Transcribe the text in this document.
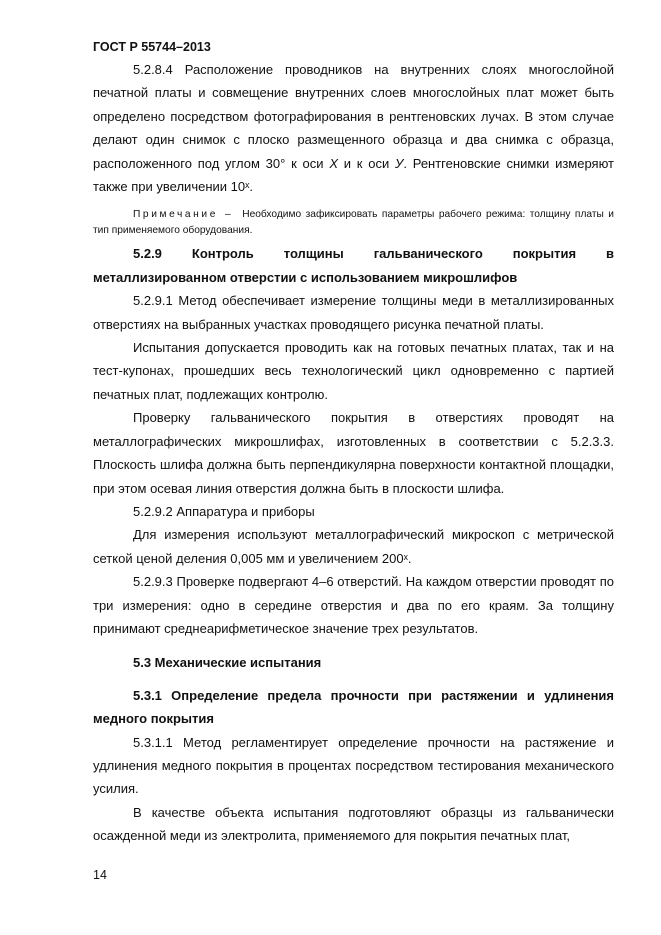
ГОСТ Р 55744–2013

5.2.8.4 Расположение проводников на внутренних слоях многослойной печатной платы и совмещение внутренних слоев многослойных плат может быть определено посредством фотографирования в рентгеновских лучах. В этом случае делают один снимок с плоско размещенного образца и два снимка с образца, расположенного под углом 30° к оси X и к оси У. Рентгеновские снимки измеряют также при увеличении 10ˣ.

Примечание – Необходимо зафиксировать параметры рабочего режима: толщину платы и тип применяемого оборудования.

5.2.9 Контроль толщины гальванического покрытия в металлизированном отверстии с использованием микрошлифов

5.2.9.1 Метод обеспечивает измерение толщины меди в металлизированных отверстиях на выбранных участках проводящего рисунка печатной платы.

Испытания допускается проводить как на готовых печатных платах, так и на тест-купонах, прошедших весь технологический цикл одновременно с партией печатных плат, подлежащих контролю.

Проверку гальванического покрытия в отверстиях проводят на металлографических микрошлифах, изготовленных в соответствии с 5.2.3.3. Плоскость шлифа должна быть перпендикулярна поверхности контактной площадки, при этом осевая линия отверстия должна быть в плоскости шлифа.

5.2.9.2 Аппаратура и приборы

Для измерения используют металлографический микроскоп с метрической сеткой ценой деления 0,005 мм и увеличением 200ˣ.

5.2.9.3 Проверке подвергают 4–6 отверстий. На каждом отверстии проводят по три измерения: одно в середине отверстия и два по его краям. За толщину принимают среднеарифметическое значение трех результатов.

5.3 Механические испытания

5.3.1 Определение предела прочности при растяжении и удлинения медного покрытия

5.3.1.1 Метод регламентирует определение прочности на растяжение и удлинения медного покрытия в процентах посредством тестирования механического усилия.

В качестве объекта испытания подготовляют образцы из гальванически осажденной меди из электролита, применяемого для покрытия печатных плат,

14
